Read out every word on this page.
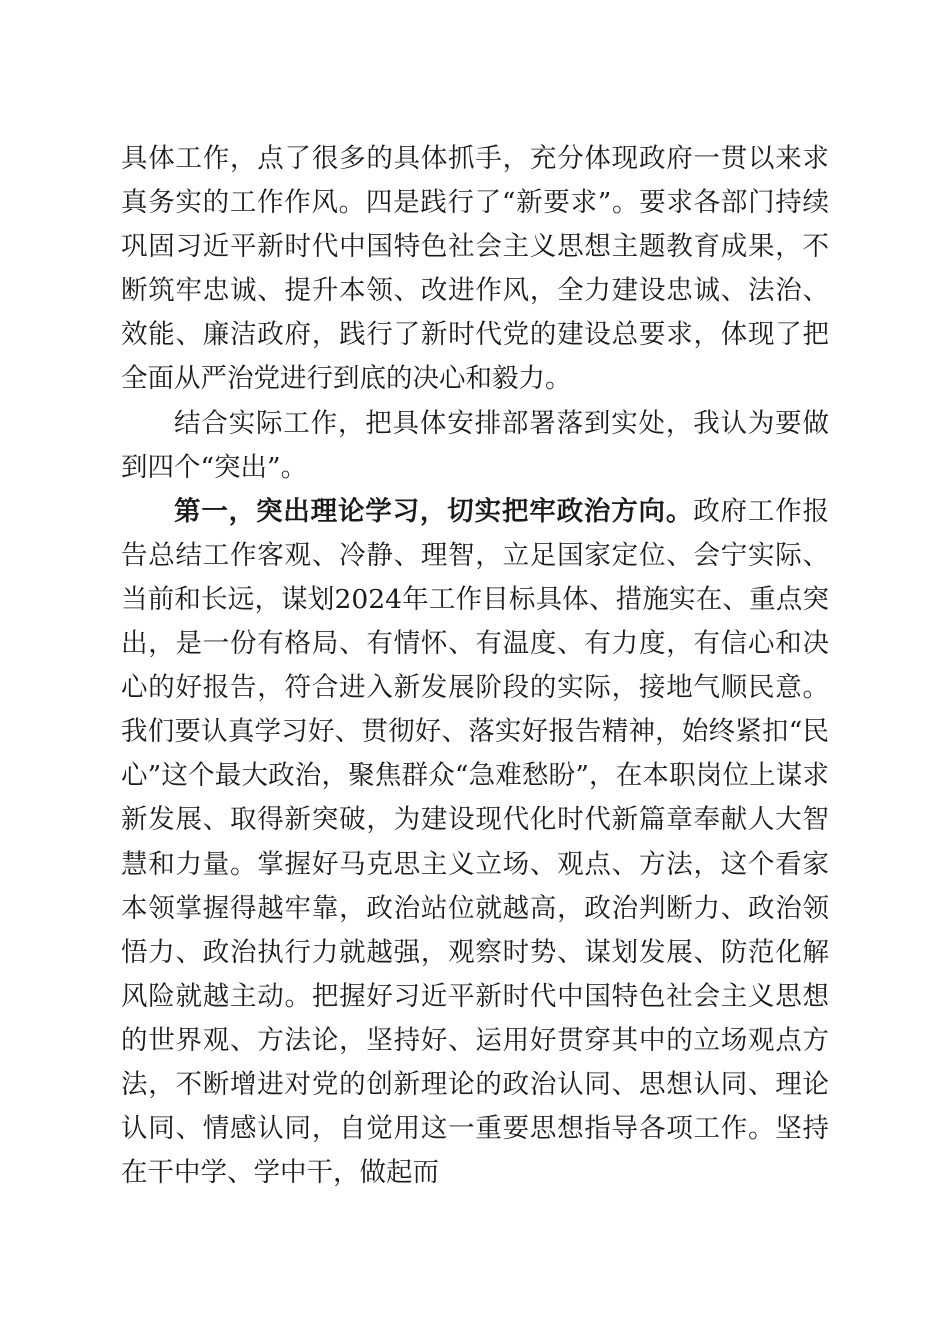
具体工作，点了很多的具体抓手，充分体现政府一贯以来求真务实的工作作风。四是践行了“新要求”。要求各部门持续巩固习近平新时代中国特色社会主义思想主题教育成果，不断筑牢忠诚、提升本领、改进作风，全力建设忠诚、法治、效能、廉洁政府，践行了新时代党的建设总要求，体现了把全面从严治党进行到底的决心和毅力。

结合实际工作，把具体安排部署落到实处，我认为要做到四个“突出”。

第一，突出理论学习，切实把牢政治方向。政府工作报告总结工作客观、冷静、理智，立足国家定位、会宁实际、当前和长远，谋划2024年工作目标具体、措施实在、重点突出，是一份有格局、有情怀、有温度、有力度，有信心和决心的好报告，符合进入新发展阶段的实际，接地气顺民意。我们要认真学习好、贯彻好、落实好报告精神，始终紧扣“民心”这个最大政治，聚焦群众“急难愁盼”，在本职岗位上谋求新发展、取得新突破，为建设现代化时代新篇章奉献人大智慧和力量。掌握好马克思主义立场、观点、方法，这个看家本领掌握得越牢靠，政治站位就越高，政治判断力、政治领悟力、政治执行力就越强，观察时势、谋划发展、防范化解风险就越主动。把握好习近平新时代中国特色社会主义思想的世界观、方法论，坚持好、运用好贯穿其中的立场观点方法，不断增进对党的创新理论的政治认同、思想认同、理论认同、情感认同，自觉用这一重要思想指导各项工作。坚持在干中学、学中干，做起而
